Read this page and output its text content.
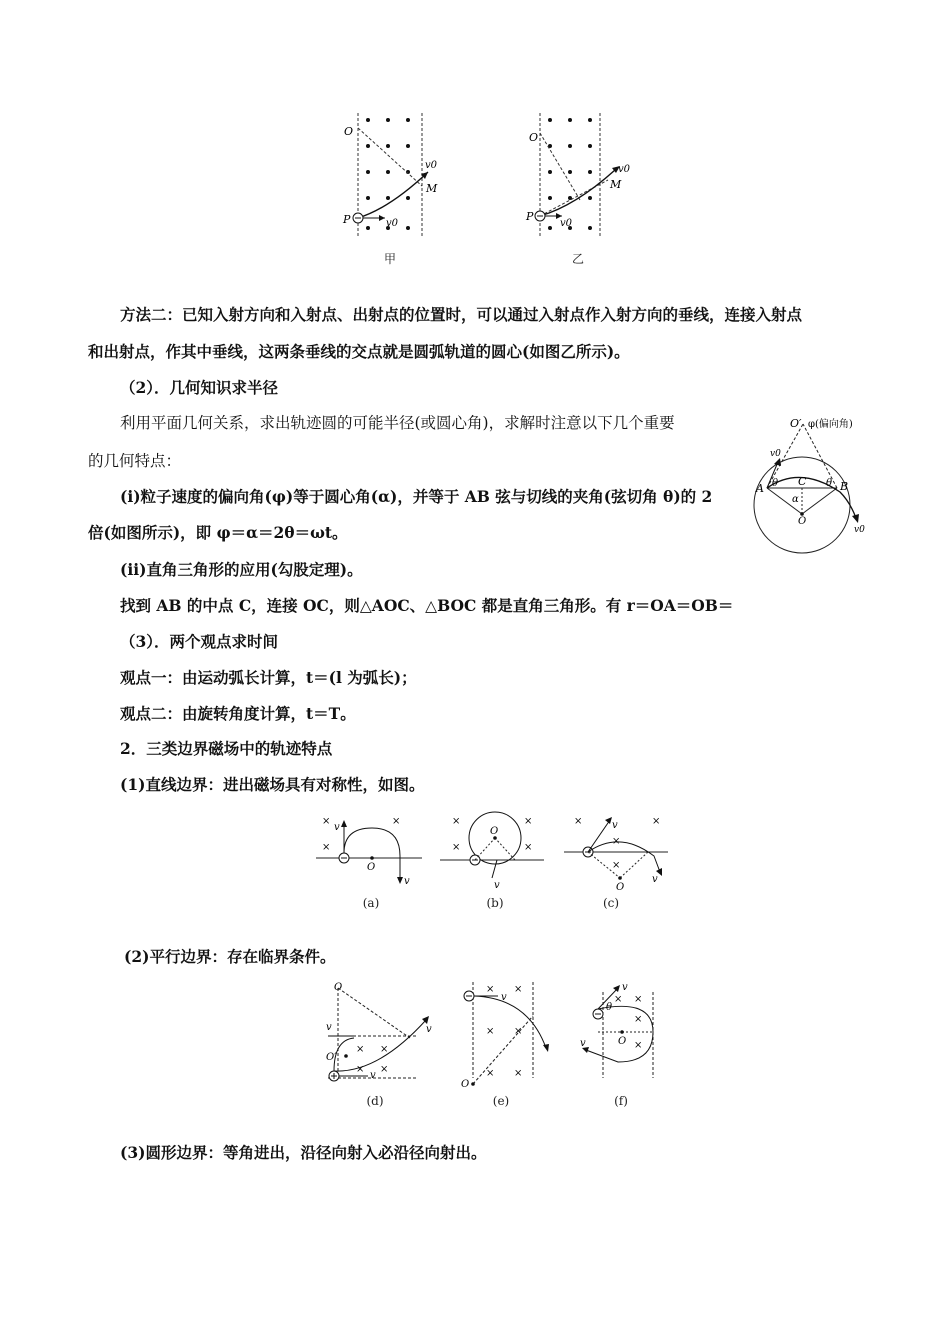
O
P
M
v0
v0
O
P
M
v0
v0
甲	乙
方法二：已知入射方向和入射点、出射点的位置时，可以通过入射点作入射方向的垂线，连接入射点
和出射点，作其中垂线，这两条垂线的交点就是圆弧轨道的圆心(如图乙所示)。
（2）．几何知识求半径
利用平面几何关系，求出轨迹圆的可能半径(或圆心角)，求解时注意以下几个重要
的几何特点：
(i)粒子速度的偏向角(φ)等于圆心角(α)，并等于 AB 弦与切线的夹角(弦切角 θ)的 2
倍(如图所示)，即 φ＝α＝2θ＝ωt。
(ii)直角三角形的应用(勾股定理)。
找到 AB 的中点 C，连接 OC，则△AOC、△BOC 都是直角三角形。有 r＝OA＝OB＝
O′ φ(偏向角)
A	B
C
O
θ	θ
α
v0
v0
（3）．两个观点求时间
观点一：由运动弧长计算，t＝(l 为弧长)；
观点二：由旋转角度计算，t＝T。
2．三类边界磁场中的轨迹特点
(1)直线边界：进出磁场具有对称性，如图。
×
×
×
O
v
v
×
×
×
×
O
v
×	×
×
×
O
v
v
(a)	(b)	(c)
(2)平行边界：存在临界条件。
× ×
× ×
O
O′
v	v
v
× ×
× ×
× ×
O
v	× ×
×
×
O
θ
v
v
(d)	(e)	(f)
(3)圆形边界：等角进出，沿径向射入必沿径向射出。
